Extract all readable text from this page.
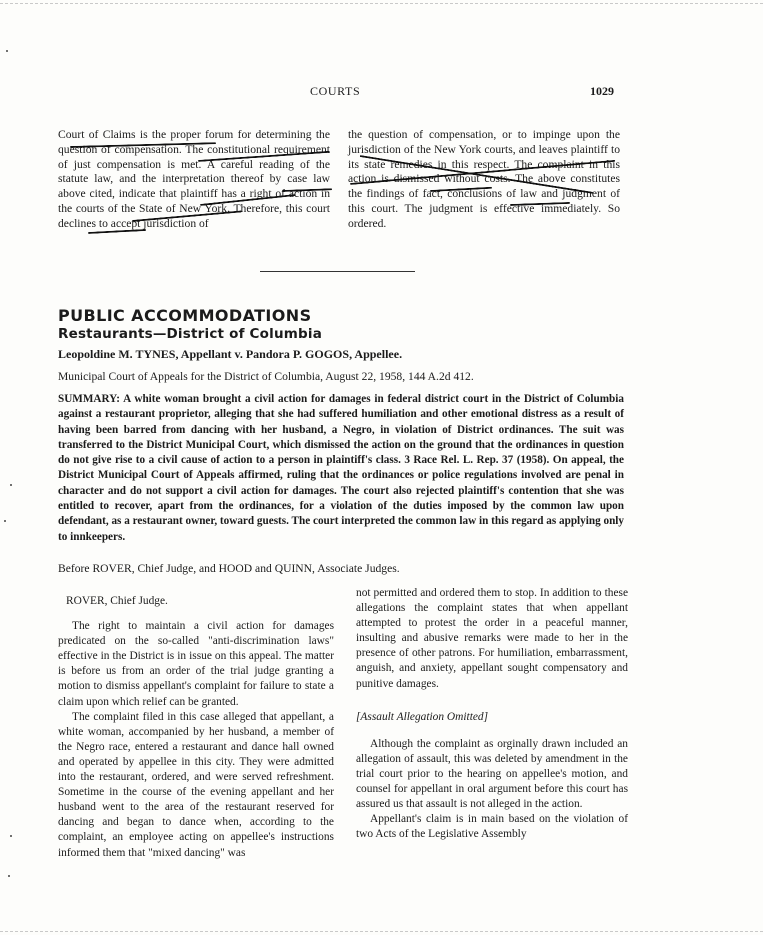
COURTS	1029

Court of Claims is the proper forum for determining the question of compensation. The constitutional requirement of just compensation is met. A careful reading of the statute law, and the interpretation thereof by case law above cited, indicate that plaintiff has a right of action in the courts of the State of New York. Therefore, this court declines to accept jurisdiction of

the question of compensation, or to impinge upon the jurisdiction of the New York courts, and leaves plaintiff to its state remedies in this respect. The complaint in this action is dismissed without costs. The above constitutes the findings of fact, conclusions of law and judgment of this court. The judgment is effective immediately. So ordered.

PUBLIC ACCOMMODATIONS
Restaurants—District of Columbia

Leopoldine M. TYNES, Appellant v. Pandora P. GOGOS, Appellee.

Municipal Court of Appeals for the District of Columbia, August 22, 1958, 144 A.2d 412.

SUMMARY: A white woman brought a civil action for damages in federal district court in the District of Columbia against a restaurant proprietor, alleging that she had suffered humiliation and other emotional distress as a result of having been barred from dancing with her husband, a Negro, in violation of District ordinances. The suit was transferred to the District Municipal Court, which dismissed the action on the ground that the ordinances in question do not give rise to a civil cause of action to a person in plaintiff's class. 3 Race Rel. L. Rep. 37 (1958). On appeal, the District Municipal Court of Appeals affirmed, ruling that the ordinances or police regulations involved are penal in character and do not support a civil action for damages. The court also rejected plaintiff's contention that she was entitled to recover, apart from the ordinances, for a violation of the duties imposed by the common law upon defendant, as a restaurant owner, toward guests. The court interpreted the common law in this regard as applying only to innkeepers.

Before ROVER, Chief Judge, and HOOD and QUINN, Associate Judges.

ROVER, Chief Judge.

The right to maintain a civil action for damages predicated on the so-called "anti-discrimination laws" effective in the District is in issue on this appeal. The matter is before us from an order of the trial judge granting a motion to dismiss appellant's complaint for failure to state a claim upon which relief can be granted.

The complaint filed in this case alleged that appellant, a white woman, accompanied by her husband, a member of the Negro race, entered a restaurant and dance hall owned and operated by appellee in this city. They were admitted into the restaurant, ordered, and were served refreshment. Sometime in the course of the evening appellant and her husband went to the area of the restaurant reserved for dancing and began to dance when, according to the complaint, an employee acting on appellee's instructions informed them that "mixed dancing" was

not permitted and ordered them to stop. In addition to these allegations the complaint states that when appellant attempted to protest the order in a peaceful manner, insulting and abusive remarks were made to her in the presence of other patrons. For humiliation, embarrassment, anguish, and anxiety, appellant sought compensatory and punitive damages.

[Assault Allegation Omitted]

Although the complaint as orginally drawn included an allegation of assault, this was deleted by amendment in the trial court prior to the hearing on appellee's motion, and counsel for appellant in oral argument before this court has assured us that assault is not alleged in the action.

Appellant's claim is in main based on the violation of two Acts of the Legislative Assembly
